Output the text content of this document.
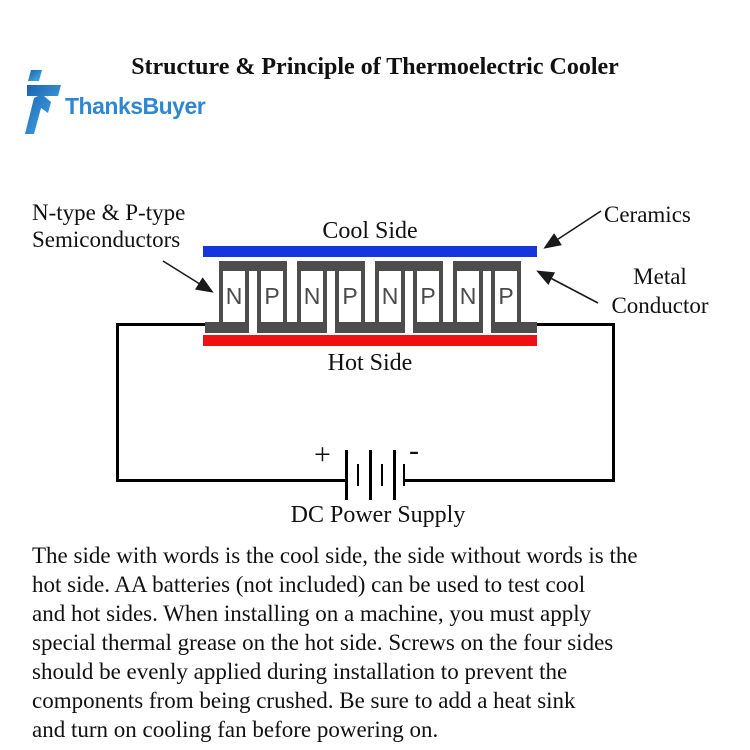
Structure & Principle of Thermoelectric Cooler
ThanksBuyer
N-type & P-type
Semiconductors
Ceramics
Metal
Conductor
Cool Side
N P	N P	N P	N P
Hot Side
+	-
DC Power Supply
The side with words is the cool side, the side without words is the
hot side. AA batteries (not included) can be used to test cool
and hot sides. When installing on a machine, you must apply
special thermal grease on the hot side. Screws on the four sides
should be evenly applied during installation to prevent the
components from being crushed. Be sure to add a heat sink
and turn on cooling fan before powering on.
